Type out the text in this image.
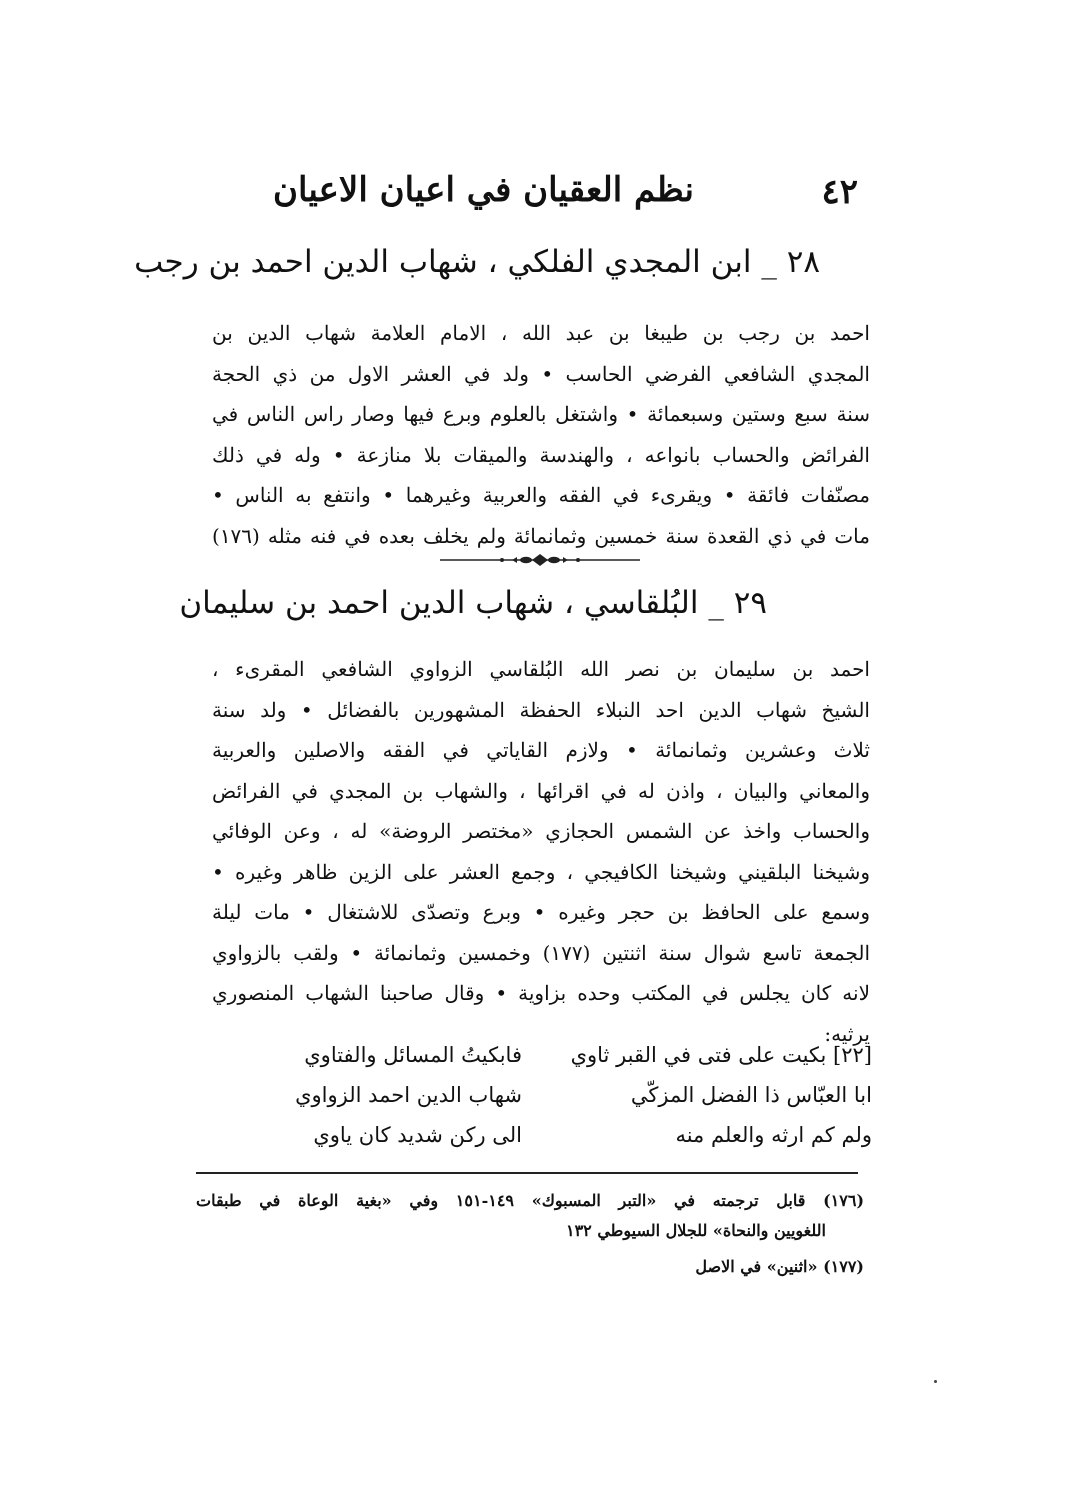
٤٢
نظم العقيان في اعيان الاعيان
٢٨ _ ابن المجدي الفلكي ، شهاب الدين احمد بن رجب
احمد بن رجب بن طيبغا بن عبد الله ، الامام العلامة شهاب الدين بن
المجدي الشافعي الفرضي الحاسب • ولد في العشر الاول من ذي الحجة
سنة سبع وستين وسبعمائة • واشتغل بالعلوم وبرع فيها وصار راس الناس في
الفرائض والحساب بانواعه ، والهندسة والميقات بلا منازعة • وله في ذلك
مصنّفات فائقة • ويقرىء في الفقه والعربية وغيرهما • وانتفع به الناس •
مات في ذي القعدة سنة خمسين وثمانمائة ولم يخلف بعده في فنه مثله (١٧٦)
٢٩ _ البُلقاسي ، شهاب الدين احمد بن سليمان
احمد بن سليمان بن نصر الله البُلقاسي الزواوي الشافعي المقرىء ،
الشيخ شهاب الدين احد النبلاء الحفظة المشهورين بالفضائل • ولد سنة
ثلاث وعشرين وثمانمائة • ولازم القاياتي في الفقه والاصلين والعربية
والمعاني والبيان ، واذن له في اقرائها ، والشهاب بن المجدي في الفرائض
والحساب واخذ عن الشمس الحجازي «مختصر الروضة» له ، وعن الوفائي
وشيخنا البلقيني وشيخنا الكافيجي ، وجمع العشر على الزين ظاهر وغيره •
وسمع على الحافظ بن حجر وغيره • وبرع وتصدّى للاشتغال • مات ليلة
الجمعة تاسع شوال سنة اثنتين (١٧٧) وخمسين وثمانمائة • ولقب بالزواوي
لانه كان يجلس في المكتب وحده بزاوية • وقال صاحبنا الشهاب المنصوري
يرثيه:
[٢٢] بكيت على فتى في القبر ثاوي
فابكيتُ المسائل والفتاوي
ابا العبّاس ذا الفضل المزكّي
شهاب الدين احمد الزواوي
ولم كم ارثه والعلم منه
الى ركن شديد كان ياوي
(١٧٦) قابل ترجمته في «التبر المسبوك» ١٤٩-١٥١ وفي «بغية الوعاة في طبقات
اللغويين والنحاة» للجلال السيوطي ١٣٢
(١٧٧) «اثنين» في الاصل
